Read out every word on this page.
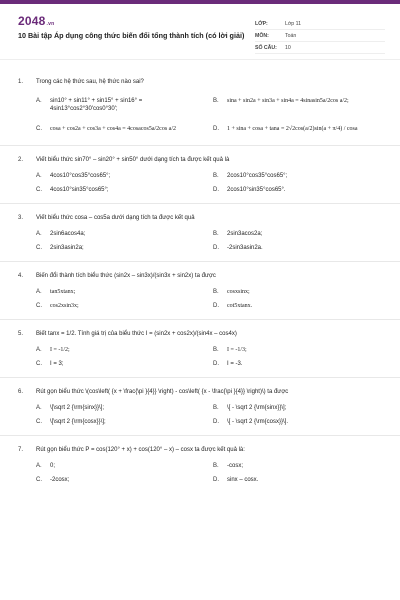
2048.vn
10 Bài tập Áp dụng công thức biến đổi tổng thành tích (có lời giải)
LỚP:	Lớp 11
MÔN:	Toán
SỐ CÂU:	10
1.	Trong các hệ thức sau, hệ thức nào sai?
A.	sin10° + sin11° + sin15° + sin16° = 4sin13°cos2°30'cos0°30';
B.	sina + sin2a + sin3a + sin4a = 4sinasin5a/2cos a/2;
C.	cosa + cos2a + cos3a + cos4a = 4cosacos5a/2cos a/2	D.	1 + sina + cosa + tana = 2√2cos(a/2)sin(a + π/4) / cosa
2.	Viết biểu thức sin70° – sin20° + sin50° dưới dạng tích ta được kết quả là
A.	4cos10°cos35°cos65°;	B.	2cos10°cos35°cos65°;
C.	4cos10°sin35°cos65°;	D.	2cos10°sin35°cos65°.
3.	Viết biểu thức cosa – cos5a dưới dạng tích ta được kết quả
A.	2sin6acos4a;	B.	2sin3acos2a;
C.	2sin3asin2a;	D.	-2sin3asin2a.
4.	Biến đổi thành tích biểu thức (sin2x – sin3x)/(sin3x + sin2x) ta được
A.	tan5xtanx;	B.	cosxsinx;
C.	cos2xsin3x;	D.	cot5xtanx.
5.	Biết tanx = 1/2. Tính giá trị của biểu thức I = (sin2x + cos2x)/(sin4x – cos4x)
A.	I = -1/2;	B.	I = -1/3;
C.	I = 3;	D.	I = -3.
6.	Rút gọn biểu thức \(cos\left( {x + \frac{\pi }{4}} \right) - cos\left( {x - \frac{\pi }{4}} \right)\) ta được
A.	\[\sqrt 2 {\rm{sinx}}\];	B.	\[ - \sqrt 2 {\rm{sinx}}\];
C.	\[\sqrt 2 {\rm{cosx}}\];	D.	\[ - \sqrt 2 {\rm{cosx}}\].
7.	Rút gọn biểu thức P = cos(120° + x) + cos(120° – x) – cosx ta được kết quả là:
A.	0;	B.	-cosx;
C.	-2cosx;	D.	sinx – cosx.
